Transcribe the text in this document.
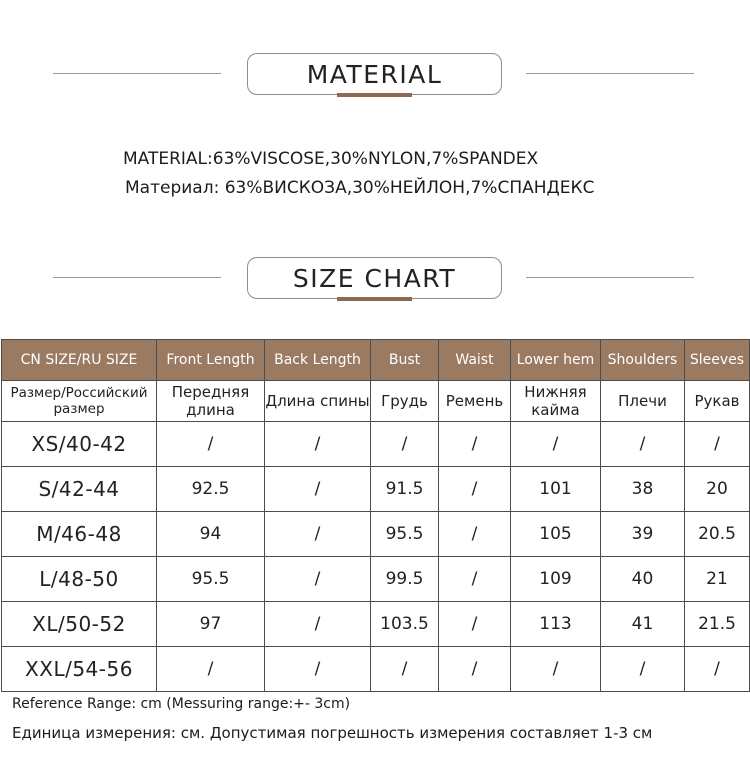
MATERIAL
MATERIAL:63%VISCOSE,30%NYLON,7%SPANDEX
Материал: 63%ВИСКОЗА,30%НЕЙЛОН,7%СПАНДЕКС
SIZE CHART
CN SIZE/RU SIZE	Front Length	Back Length	Bust	Waist	Lower hem	Shoulders	Sleeves
Размер/Российский размер	Передняя длина	Длина спины	Грудь	Ремень	Нижняя кайма	Плечи	Рукав
XS/40-42	/	/	/	/	/	/	/
S/42-44	92.5	/	91.5	/	101	38	20
M/46-48	94	/	95.5	/	105	39	20.5
L/48-50	95.5	/	99.5	/	109	40	21
XL/50-52	97	/	103.5	/	113	41	21.5
XXL/54-56	/	/	/	/	/	/	/
Reference Range: cm (Messuring range:+- 3cm)
Единица измерения: см. Допустимая погрешность измерения составляет 1-3 см
